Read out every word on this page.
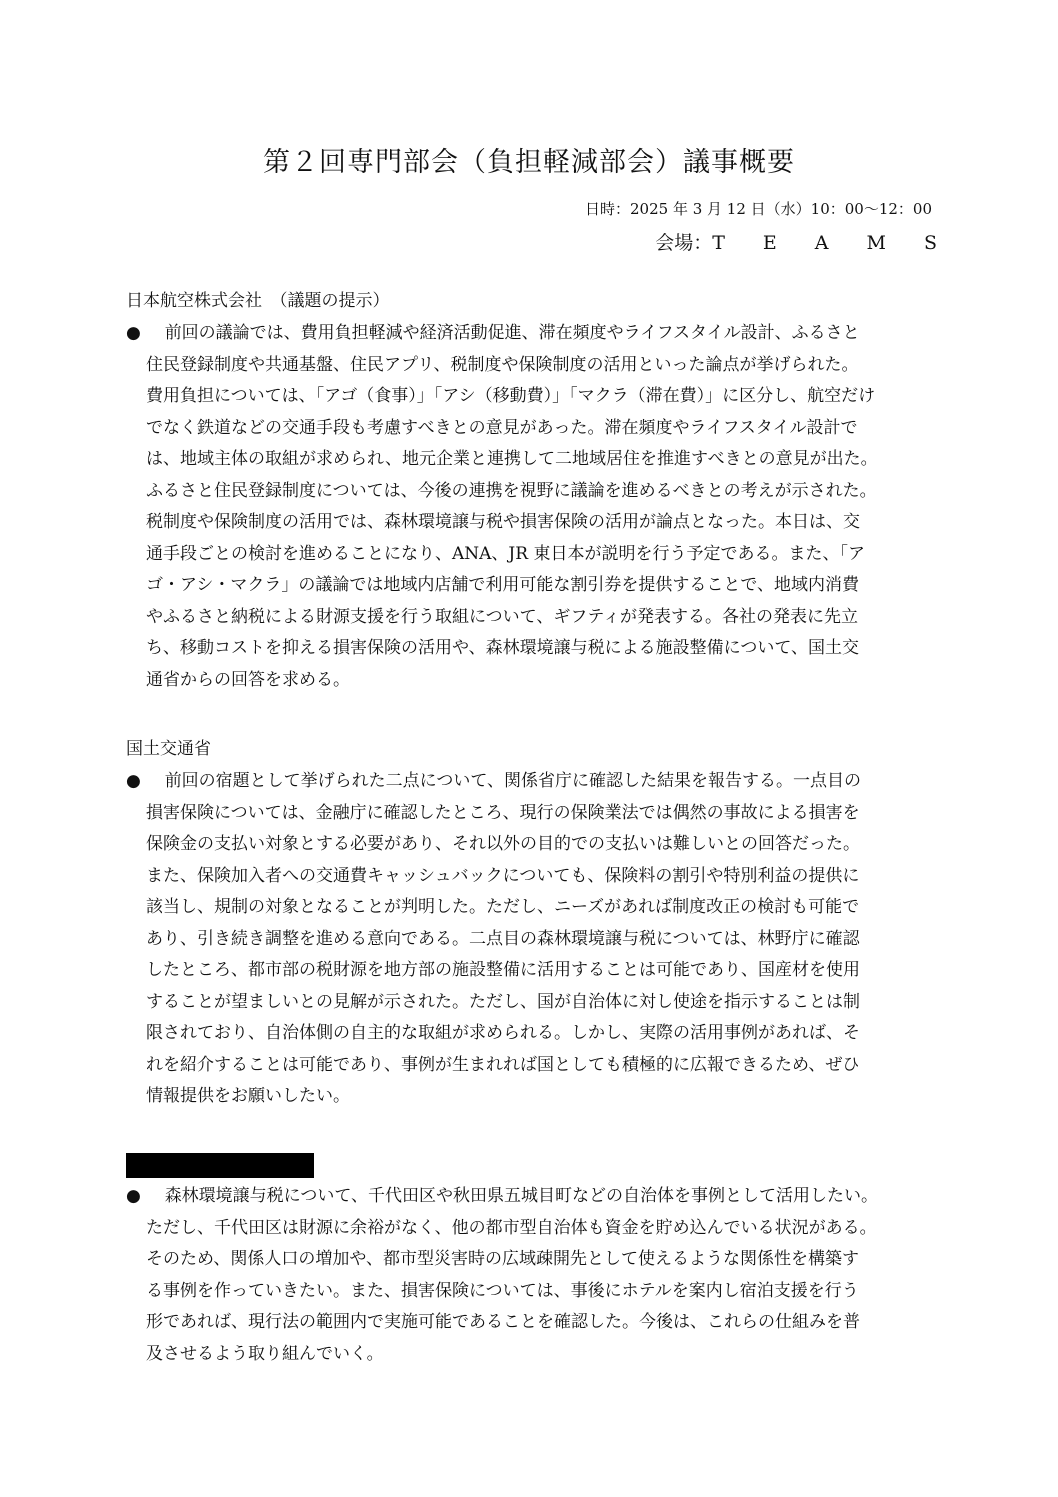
第２回専門部会（負担軽減部会）議事概要
日時：2025 年 3 月 12 日（水）10：00～12：00
会場：T E A M S
日本航空株式会社　（議題の提示）
●	前回の議論では、費用負担軽減や経済活動促進、滞在頻度やライフスタイル設計、ふるさと
住民登録制度や共通基盤、住民アプリ、税制度や保険制度の活用といった論点が挙げられた。
費用負担については、「アゴ（食事）」「アシ（移動費）」「マクラ（滞在費）」に区分し、航空だけ
でなく鉄道などの交通手段も考慮すべきとの意見があった。滞在頻度やライフスタイル設計で
は、地域主体の取組が求められ、地元企業と連携して二地域居住を推進すべきとの意見が出た。
ふるさと住民登録制度については、今後の連携を視野に議論を進めるべきとの考えが示された。
税制度や保険制度の活用では、森林環境譲与税や損害保険の活用が論点となった。本日は、交
通手段ごとの検討を進めることになり、ANA、JR 東日本が説明を行う予定である。また、「ア
ゴ・アシ・マクラ」の議論では地域内店舗で利用可能な割引券を提供することで、地域内消費
やふるさと納税による財源支援を行う取組について、ギフティが発表する。各社の発表に先立
ち、移動コストを抑える損害保険の活用や、森林環境譲与税による施設整備について、国土交
通省からの回答を求める。
国土交通省
●	前回の宿題として挙げられた二点について、関係省庁に確認した結果を報告する。一点目の
損害保険については、金融庁に確認したところ、現行の保険業法では偶然の事故による損害を
保険金の支払い対象とする必要があり、それ以外の目的での支払いは難しいとの回答だった。
また、保険加入者への交通費キャッシュバックについても、保険料の割引や特別利益の提供に
該当し、規制の対象となることが判明した。ただし、ニーズがあれば制度改正の検討も可能で
あり、引き続き調整を進める意向である。二点目の森林環境譲与税については、林野庁に確認
したところ、都市部の税財源を地方部の施設整備に活用することは可能であり、国産材を使用
することが望ましいとの見解が示された。ただし、国が自治体に対し使途を指示することは制
限されており、自治体側の自主的な取組が求められる。しかし、実際の活用事例があれば、そ
れを紹介することは可能であり、事例が生まれれば国としても積極的に広報できるため、ぜひ
情報提供をお願いしたい。
●	森林環境譲与税について、千代田区や秋田県五城目町などの自治体を事例として活用したい。
ただし、千代田区は財源に余裕がなく、他の都市型自治体も資金を貯め込んでいる状況がある。
そのため、関係人口の増加や、都市型災害時の広域疎開先として使えるような関係性を構築す
る事例を作っていきたい。また、損害保険については、事後にホテルを案内し宿泊支援を行う
形であれば、現行法の範囲内で実施可能であることを確認した。今後は、これらの仕組みを普
及させるよう取り組んでいく。
